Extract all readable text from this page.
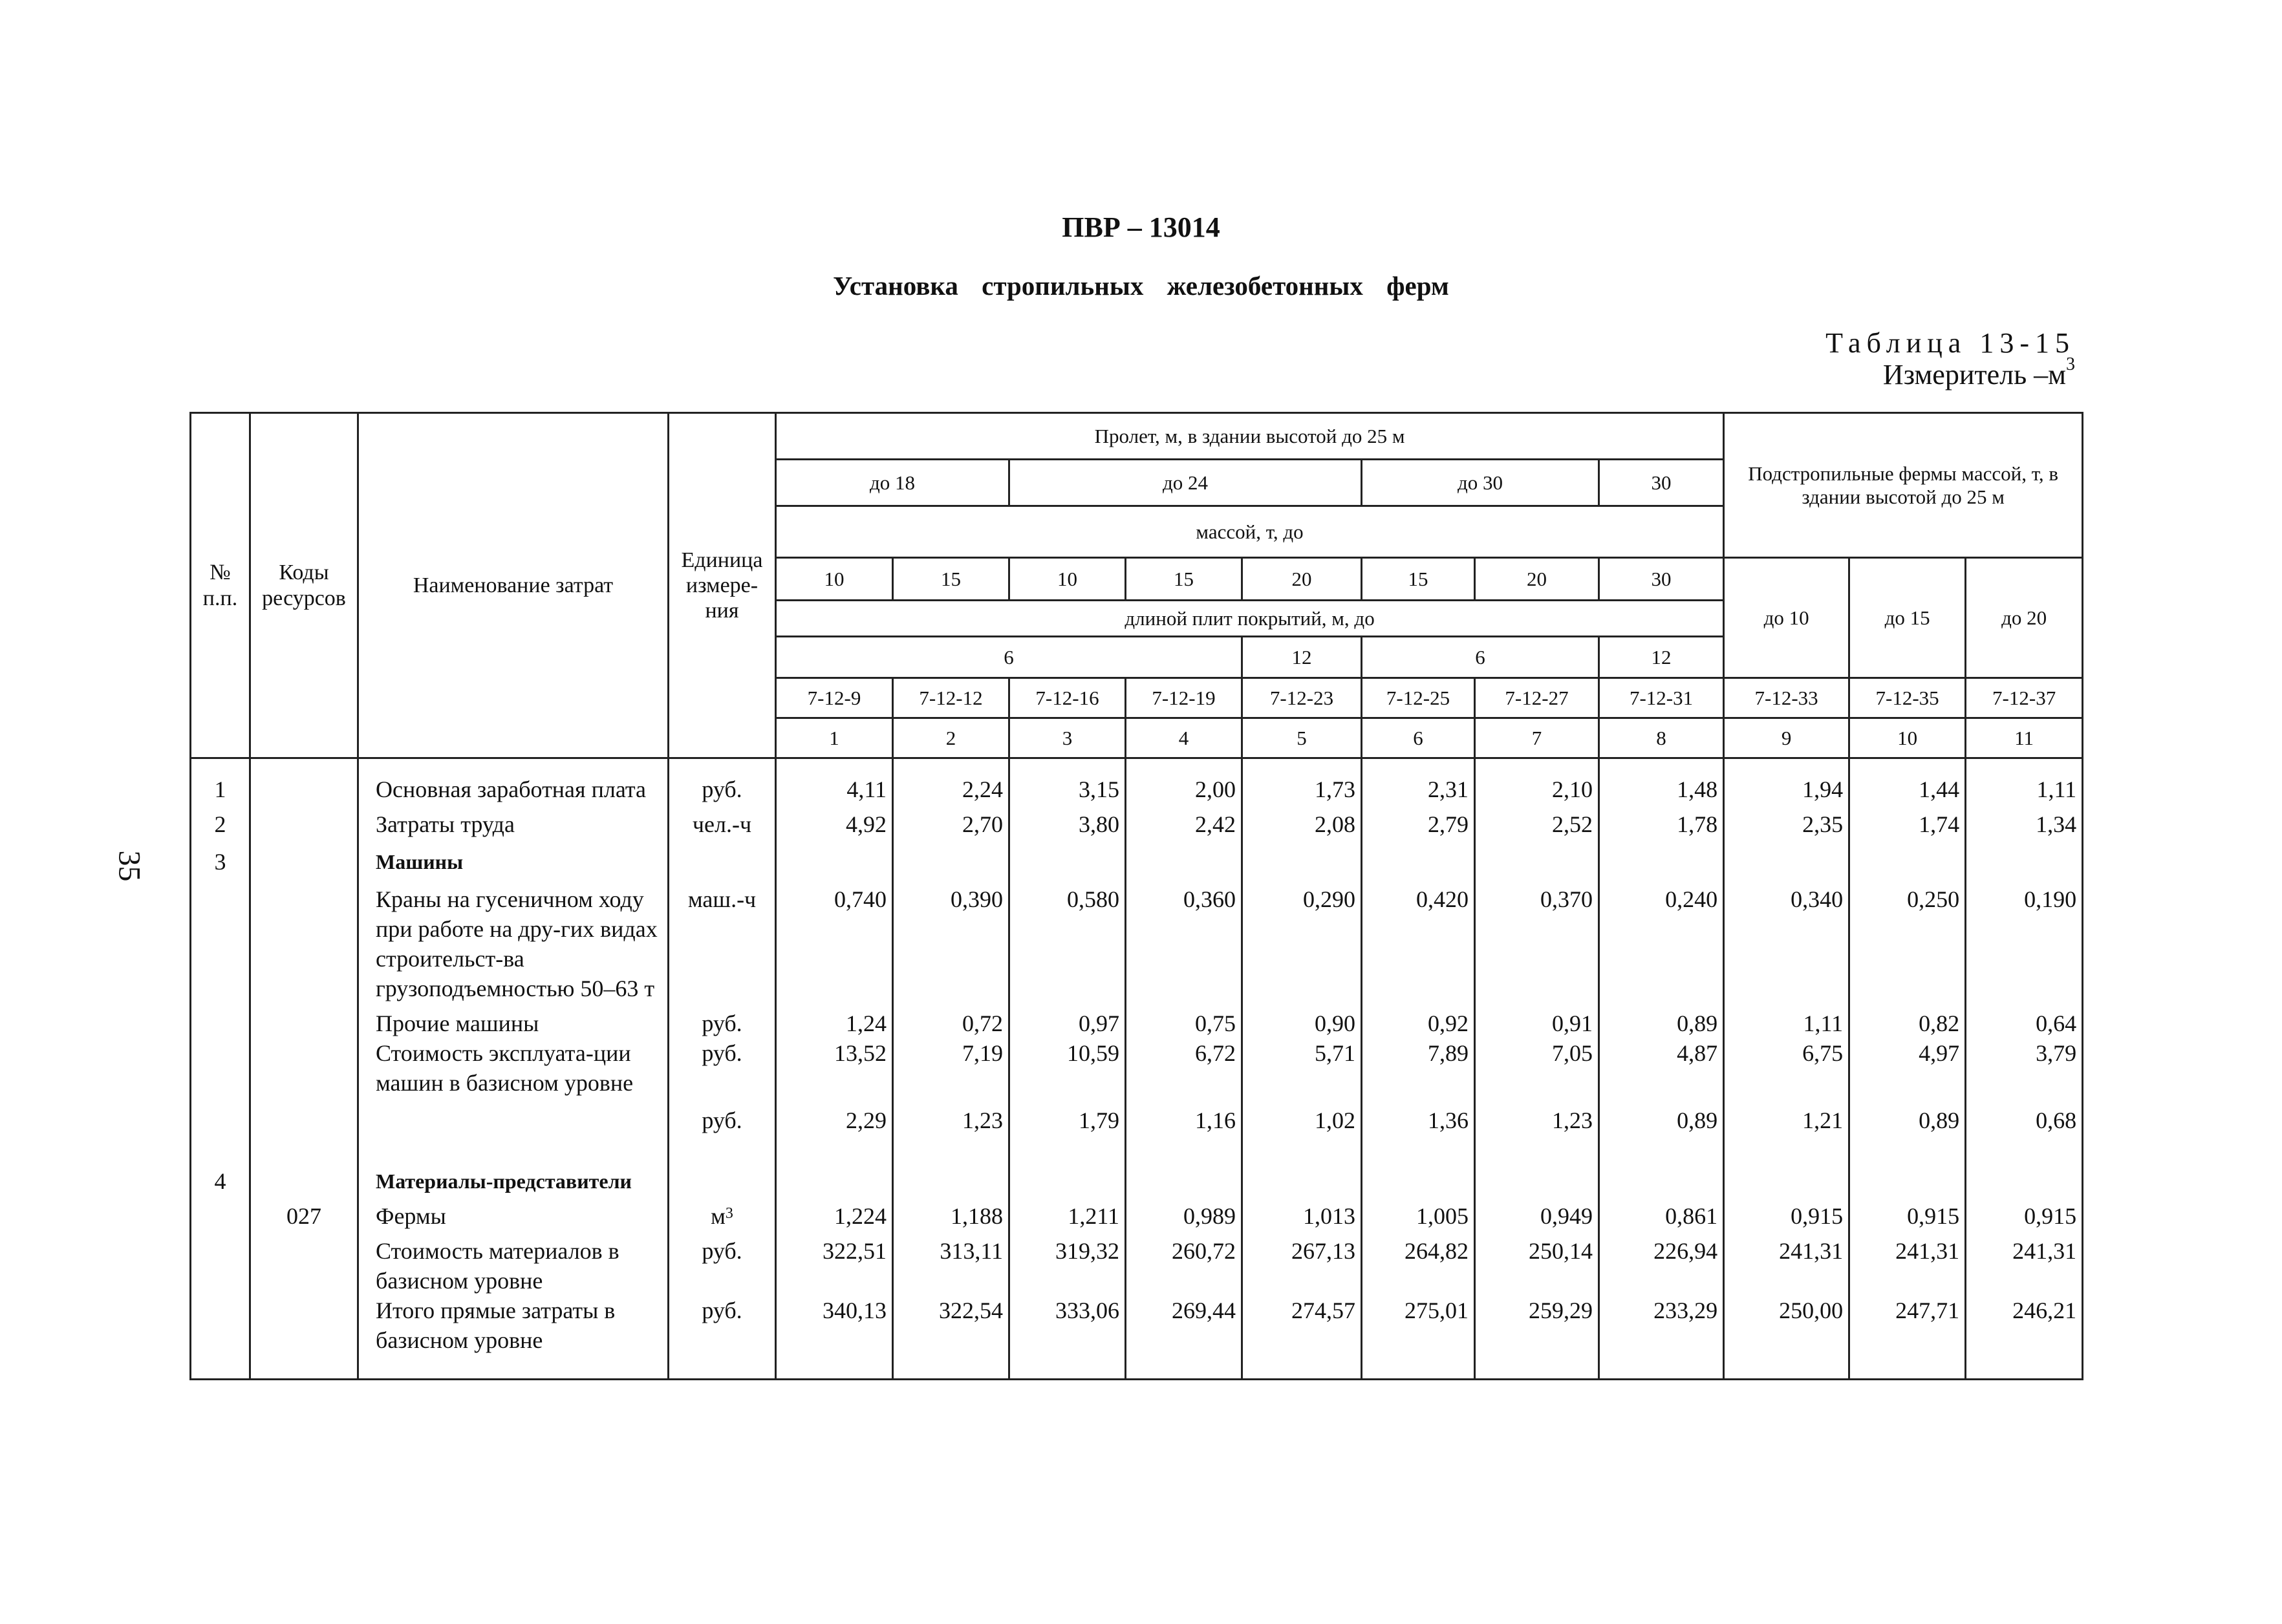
35
ПВР – 13014
Установка стропильных железобетонных ферм
Таблица 13-15
Измеритель $-м^3$
№ п.п.	Коды ресурсов	Наименование затрат	Единица измере-ния	Пролет, м, в здании высотой до 25 м								Подстропильные фермы массой, т, в здании высотой до 25 м		
				до 18		до 24			до 30		30			
				массой, т, до										
				10	15	10	15	20	15	20	30	до 10	до 15	до 20
				длиной плит покрытий, м, до										
				6				12	6		12			
				7-12-9	7-12-12	7-12-16	7-12-19	7-12-23	7-12-25	7-12-27	7-12-31	7-12-33	7-12-35	7-12-37
				1	2	3	4	5	6	7	8	9	10	11
1		Основная заработная плата	руб.	4,11	2,24	3,15	2,00	1,73	2,31	2,10	1,48	1,94	1,44	1,11
2		Затраты труда	чел.-ч	4,92	2,70	3,80	2,42	2,08	2,79	2,52	1,78	2,35	1,74	1,34
3		Машины												
		Краны на гусеничном ходу при работе на дру-гих видах строительст-ва грузоподъемностью 50–63 т	маш.-ч	0,740	0,390	0,580	0,360	0,290	0,420	0,370	0,240	0,340	0,250	0,190
		Прочие машины	руб.	1,24	0,72	0,97	0,75	0,90	0,92	0,91	0,89	1,11	0,82	0,64
		Стоимость эксплуата-ции машин в базисном уровне	руб.	13,52	7,19	10,59	6,72	5,71	7,89	7,05	4,87	6,75	4,97	3,79
			руб.	2,29	1,23	1,79	1,16	1,02	1,36	1,23	0,89	1,21	0,89	0,68
4		Материалы-представители												
	027	Фермы	$м^3$	1,224	1,188	1,211	0,989	1,013	1,005	0,949	0,861	0,915	0,915	0,915
		Стоимость материалов в базисном уровне	руб.	322,51	313,11	319,32	260,72	267,13	264,82	250,14	226,94	241,31	241,31	241,31
		Итого прямые затраты в базисном уровне	руб.	340,13	322,54	333,06	269,44	274,57	275,01	259,29	233,29	250,00	247,71	246,21
